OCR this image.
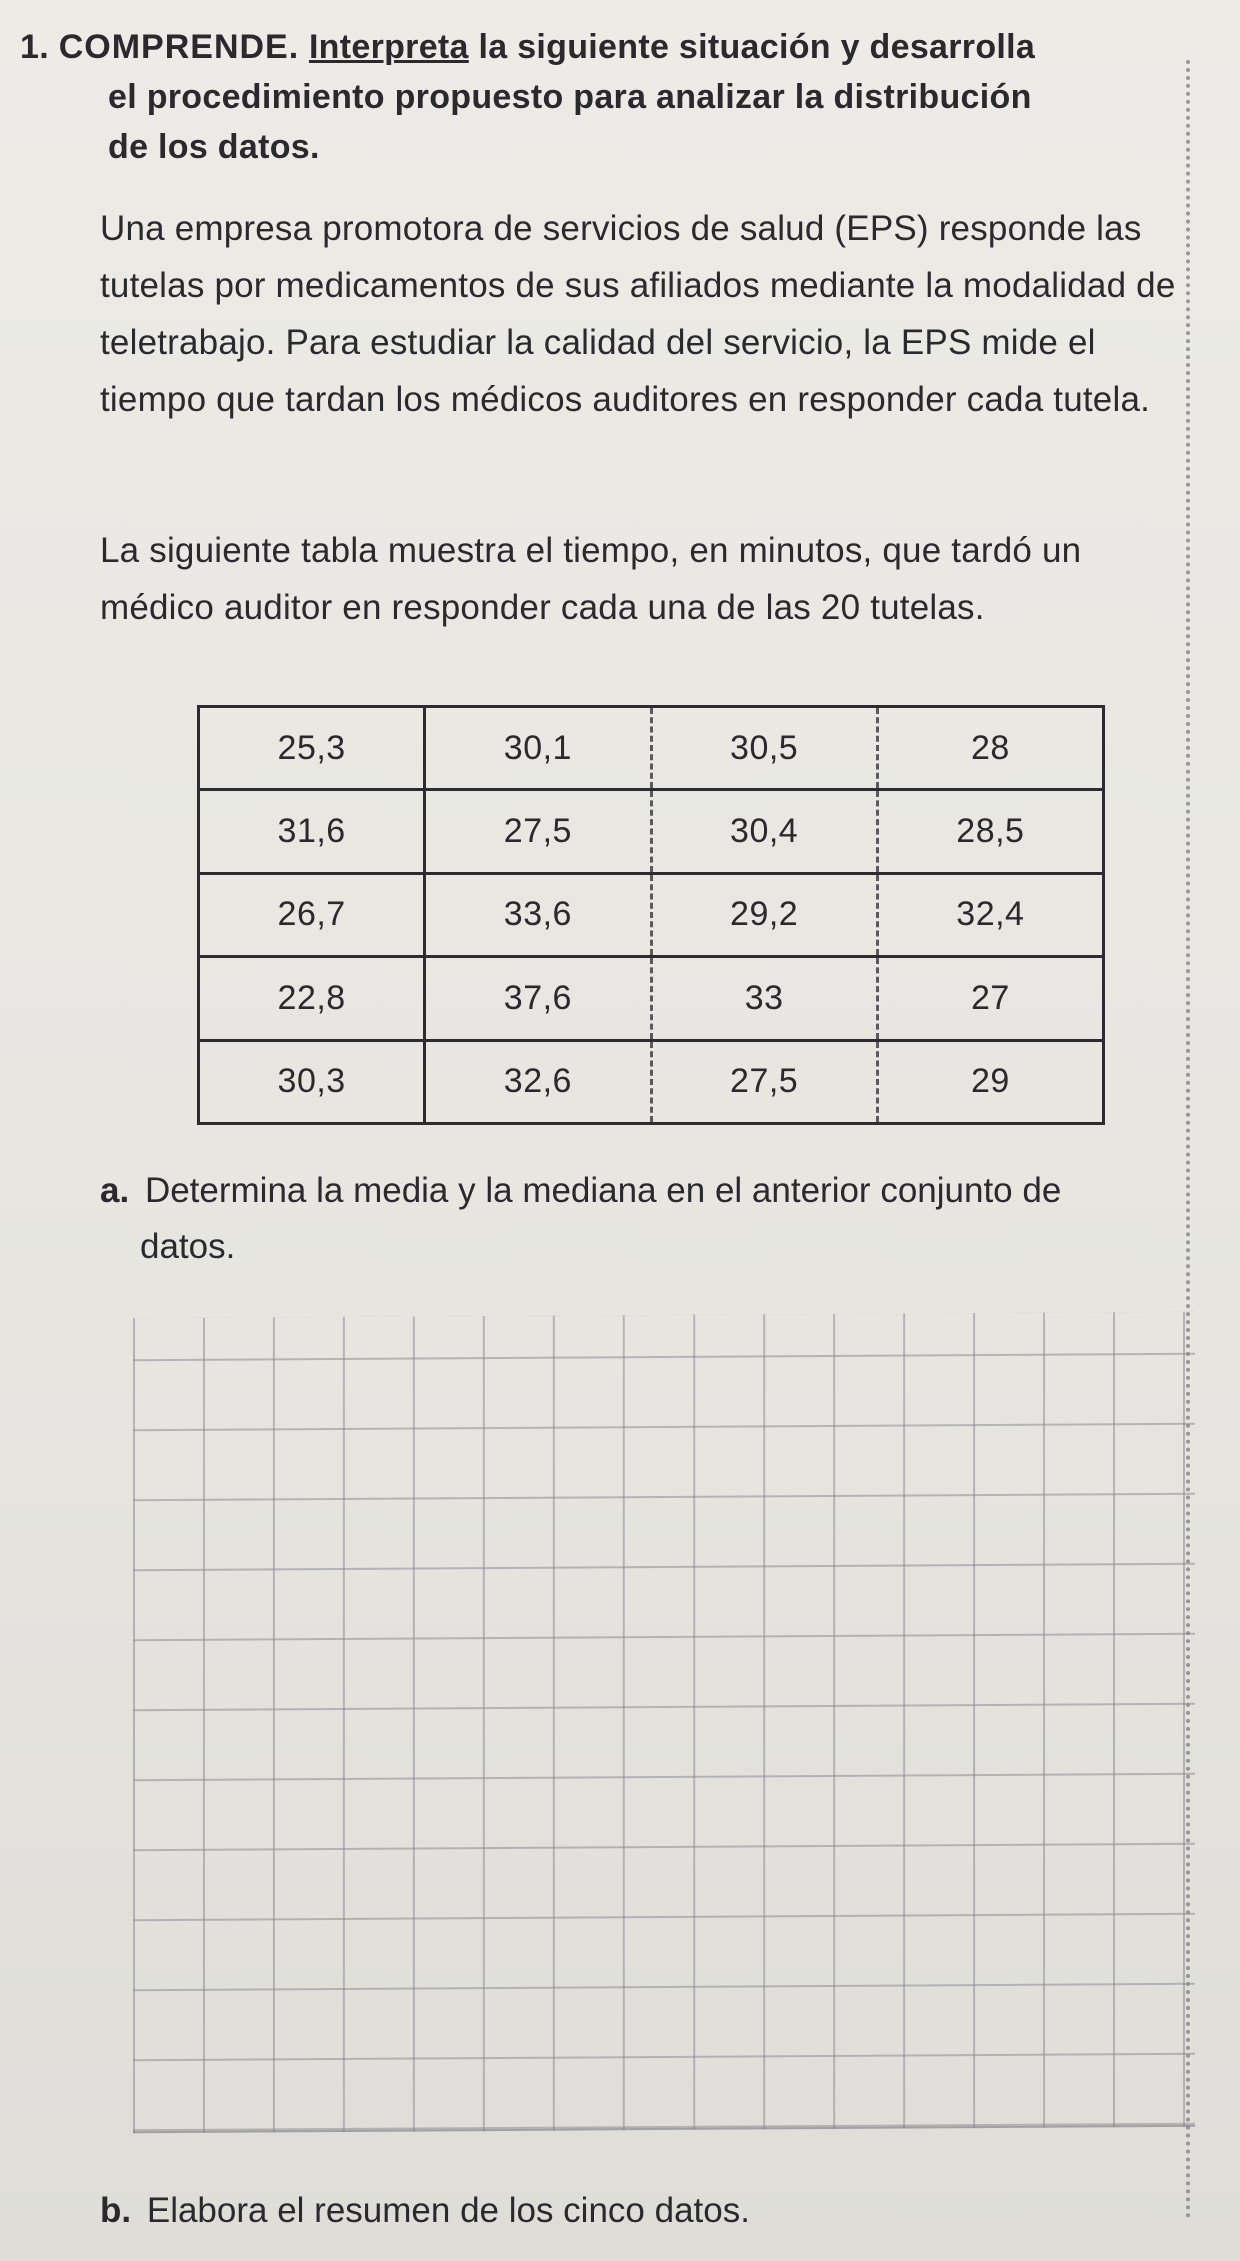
1. COMPRENDE. Interpreta la siguiente situación y desarrolla
el procedimiento propuesto para analizar la distribución
de los datos.
Una empresa promotora de servicios de salud (EPS) responde las tutelas por medicamentos de sus afiliados mediante la modalidad de teletrabajo. Para estudiar la calidad del servicio, la EPS mide el tiempo que tardan los médicos auditores en responder cada tutela.
La siguiente tabla muestra el tiempo, en minutos, que tardó un médico auditor en responder cada una de las 20 tutelas.
25,3	30,1	30,5	28
31,6	27,5	30,4	28,5
26,7	33,6	29,2	32,4
22,8	37,6	33	27
30,3	32,6	27,5	29
a. Determina la media y la mediana en el anterior conjunto de
datos.
b. Elabora el resumen de los cinco datos.
